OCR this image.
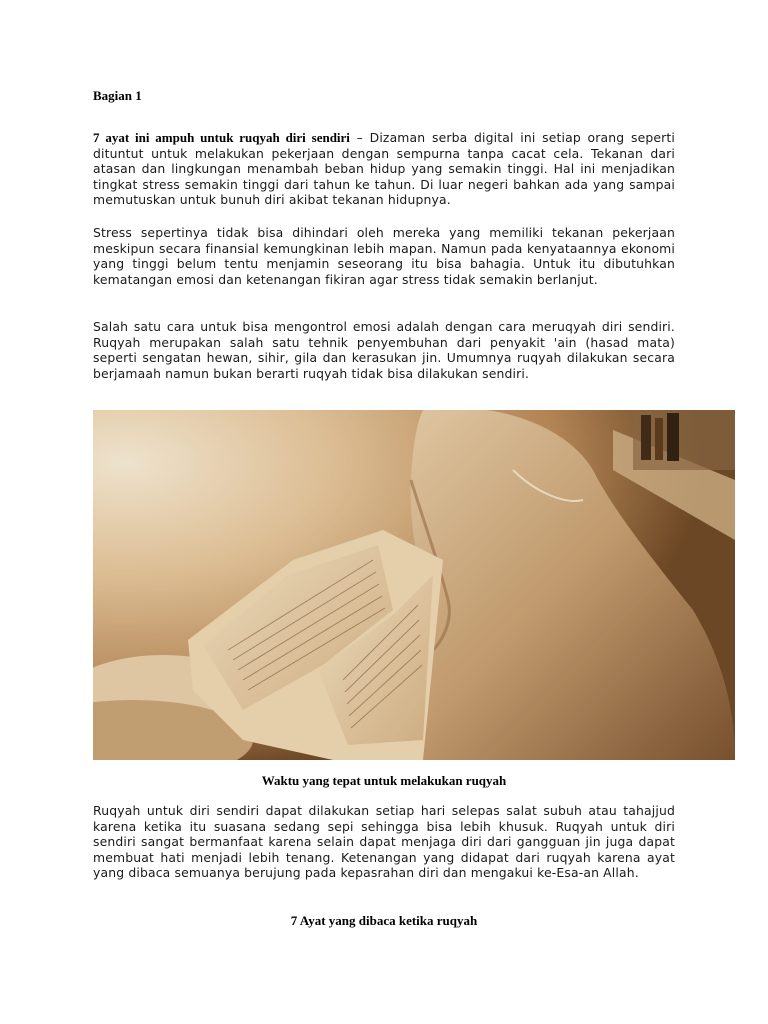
Bagian 1

7 ayat ini ampuh untuk ruqyah diri sendiri – Dizaman serba digital ini setiap orang seperti dituntut untuk melakukan pekerjaan dengan sempurna tanpa cacat cela. Tekanan dari atasan dan lingkungan menambah beban hidup yang semakin tinggi. Hal ini menjadikan tingkat stress semakin tinggi dari tahun ke tahun. Di luar negeri bahkan ada yang sampai memutuskan untuk bunuh diri akibat tekanan hidupnya.

Stress sepertinya tidak bisa dihindari oleh mereka yang memiliki tekanan pekerjaan meskipun secara finansial kemungkinan lebih mapan. Namun pada kenyataannya ekonomi yang tinggi belum tentu menjamin seseorang itu bisa bahagia. Untuk itu dibutuhkan kematangan emosi dan ketenangan fikiran agar stress tidak semakin berlanjut.

Salah satu cara untuk bisa mengontrol emosi adalah dengan cara meruqyah diri sendiri. Ruqyah merupakan salah satu tehnik penyembuhan dari penyakit 'ain (hasad mata) seperti sengatan hewan, sihir, gila dan kerasukan jin. Umumnya ruqyah dilakukan secara berjamaah namun bukan berarti ruqyah tidak bisa dilakukan sendiri.

Waktu yang tepat untuk melakukan ruqyah

Ruqyah untuk diri sendiri dapat dilakukan setiap hari selepas salat subuh atau tahajjud karena ketika itu suasana sedang sepi sehingga bisa lebih khusuk. Ruqyah untuk diri sendiri sangat bermanfaat karena selain dapat menjaga diri dari gangguan jin juga dapat membuat hati menjadi lebih tenang. Ketenangan yang didapat dari ruqyah karena ayat yang dibaca semuanya berujung pada kepasrahan diri dan mengakui ke-Esa-an Allah.

7 Ayat yang dibaca ketika ruqyah
